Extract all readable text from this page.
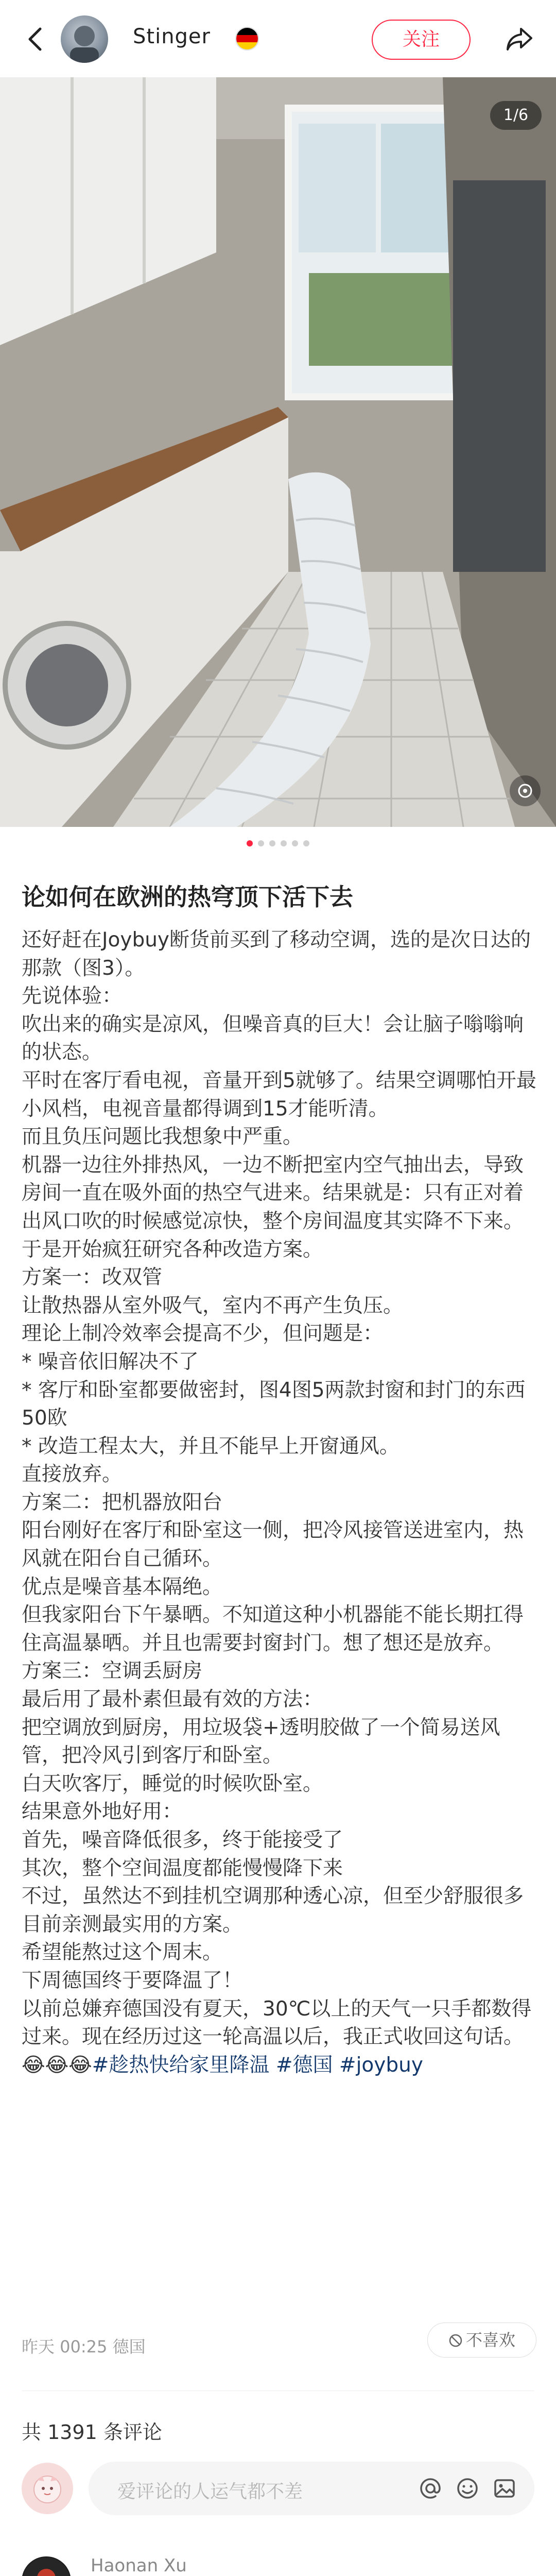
Stinger	关注
1/6
论如何在欧洲的热穹顶下活下去

还好赶在Joybuy断货前买到了移动空调，选的是次日达的那款（图3）。

先说体验：

吹出来的确实是凉风，但噪音真的巨大！会让脑子嗡嗡响的状态。

平时在客厅看电视，音量开到5就够了。结果空调哪怕开最小风档，电视音量都得调到15才能听清。

而且负压问题比我想象中严重。

机器一边往外排热风，一边不断把室内空气抽出去，导致房间一直在吸外面的热空气进来。结果就是：只有正对着出风口吹的时候感觉凉快，整个房间温度其实降不下来。

于是开始疯狂研究各种改造方案。

方案一：改双管

让散热器从室外吸气，室内不再产生负压。

理论上制冷效率会提高不少，但问题是：

* 噪音依旧解决不了

* 客厅和卧室都要做密封，图4图5两款封窗和封门的东西50欧

* 改造工程太大，并且不能早上开窗通风。

直接放弃。

方案二：把机器放阳台

阳台刚好在客厅和卧室这一侧，把冷风接管送进室内，热风就在阳台自己循环。

优点是噪音基本隔绝。

但我家阳台下午暴晒。不知道这种小机器能不能长期扛得住高温暴晒。并且也需要封窗封门。想了想还是放弃。

方案三：空调丢厨房

最后用了最朴素但最有效的方法：

把空调放到厨房，用垃圾袋+透明胶做了一个简易送风管，把冷风引到客厅和卧室。

白天吹客厅，睡觉的时候吹卧室。

结果意外地好用：

首先，噪音降低很多，终于能接受了

其次，整个空间温度都能慢慢降下来

不过，虽然达不到挂机空调那种透心凉，但至少舒服很多

目前亲测最实用的方案。

希望能熬过这个周末。

下周德国终于要降温了！

以前总嫌弃德国没有夏天，30℃以上的天气一只手都数得过来。现在经历过这一轮高温以后，我正式收回这句话。😂😂😂#趁热快给家里降温 #德国 #joybuy

昨天 00:25 德国	不喜欢
共 1391 条评论
爱评论的人运气都不差
Haonan Xu
